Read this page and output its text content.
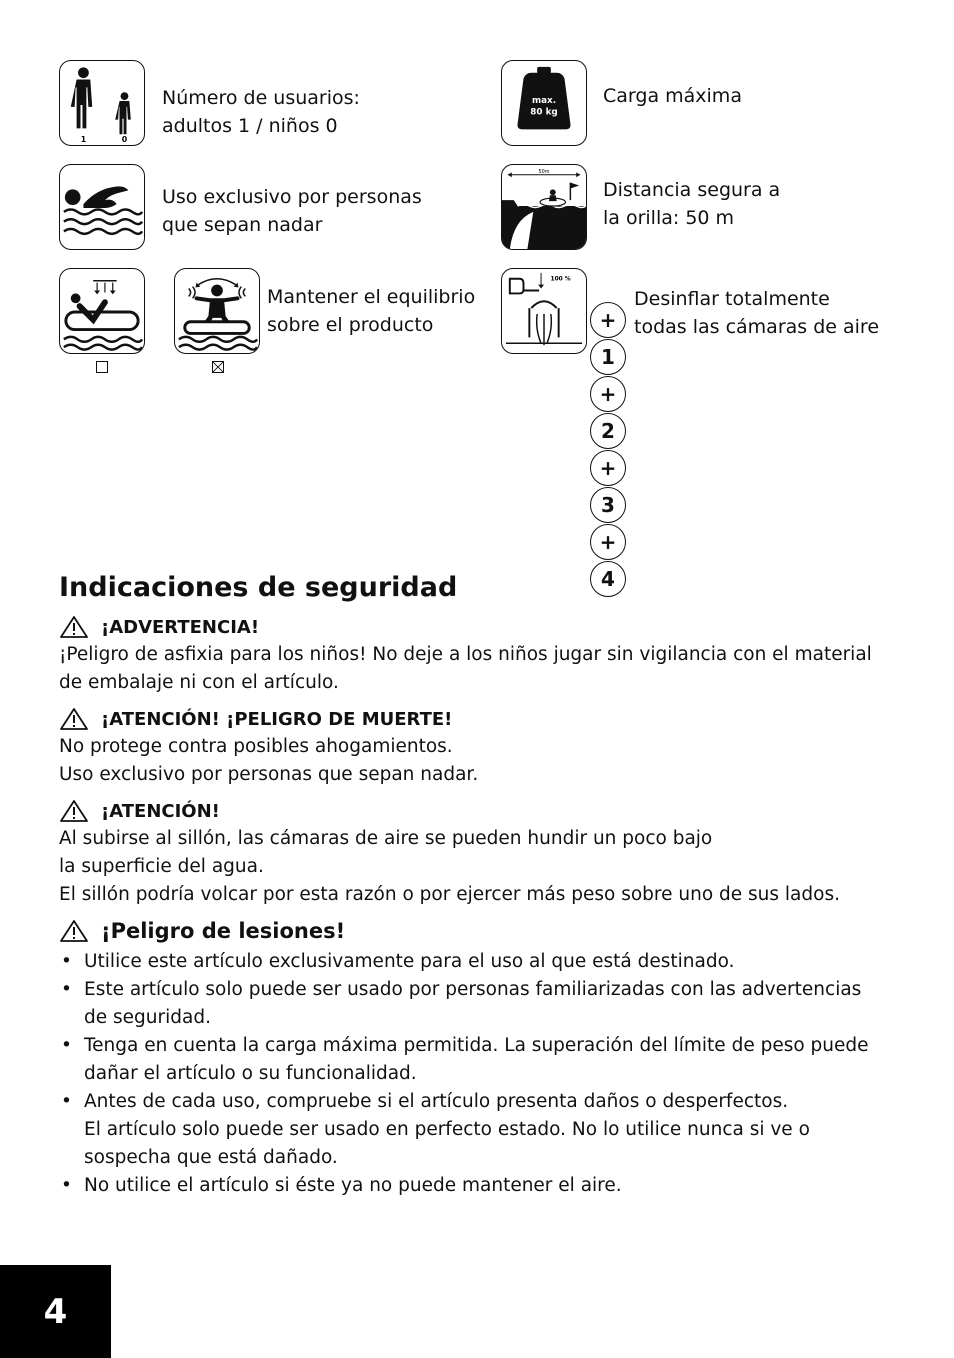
1	0
Número de usuarios:
adultos 1 / niños 0
max.
80 kg
Carga máxima
Uso exclusivo por personas
que sepan nadar
50m
Distancia segura a
la orilla: 50 m
Mantener el equilibrio
sobre el producto
100 %
Desinflar totalmente
todas las cámaras de aire
+
1
+
2
+
3
+
4
Indicaciones de seguridad
¡ADVERTENCIA!
¡Peligro de asfixia para los niños! No deje a los niños jugar sin vigilancia con el material
de embalaje ni con el artículo.
¡ATENCIÓN! ¡PELIGRO DE MUERTE!
No protege contra posibles ahogamientos.
Uso exclusivo por personas que sepan nadar.
¡ATENCIÓN!
Al subirse al sillón, las cámaras de aire se pueden hundir un poco bajo
la superficie del agua.
El sillón podría volcar por esta razón o por ejercer más peso sobre uno de sus lados.
¡Peligro de lesiones!
• Utilice este artículo exclusivamente para el uso al que está destinado.
• Este artículo solo puede ser usado por personas familiarizadas con las advertencias
de seguridad.
• Tenga en cuenta la carga máxima permitida. La superación del límite de peso puede
dañar el artículo o su funcionalidad.
• Antes de cada uso, compruebe si el artículo presenta daños o desperfectos.
El artículo solo puede ser usado en perfecto estado. No lo utilice nunca si ve o
sospecha que está dañado.
• No utilice el artículo si éste ya no puede mantener el aire.
4
